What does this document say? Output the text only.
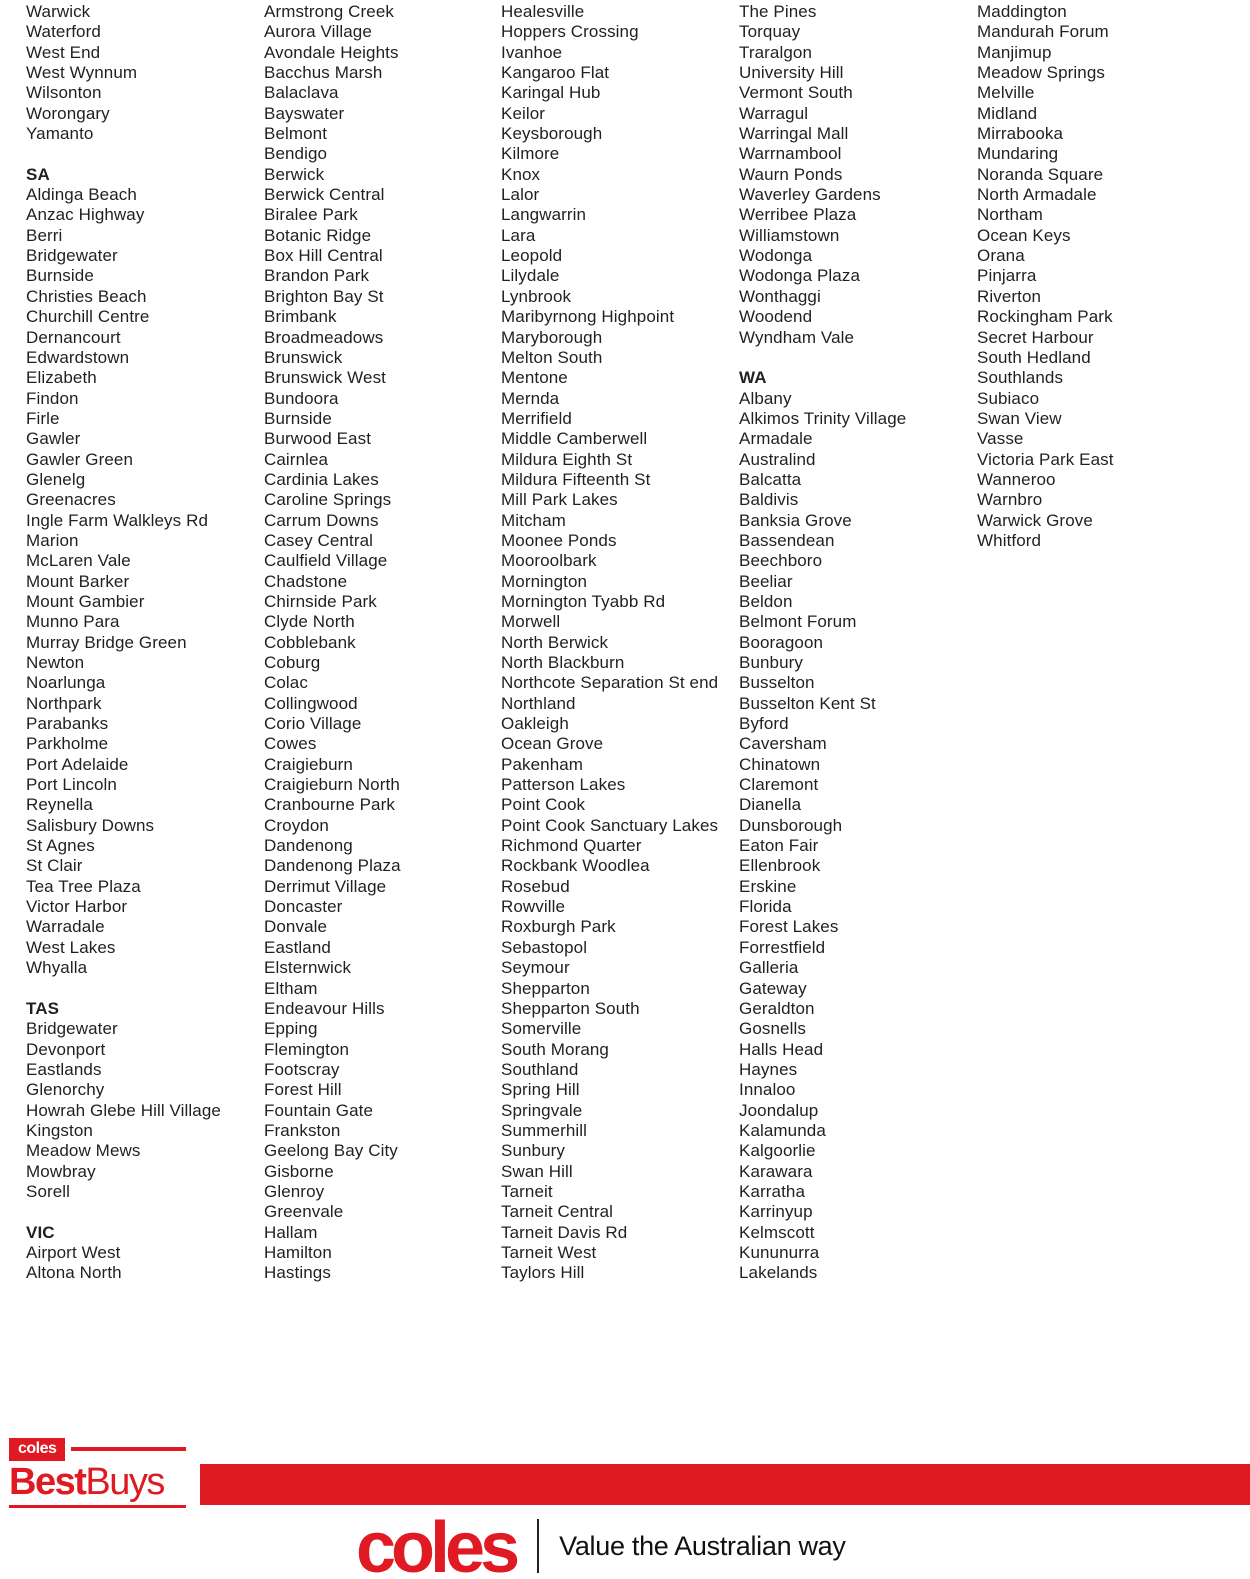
Warwick
Waterford
West End
West Wynnum
Wilsonton
Worongary
Yamanto
SA
Aldinga Beach
Anzac Highway
Berri
Bridgewater
Burnside
Christies Beach
Churchill Centre
Dernancourt
Edwardstown
Elizabeth
Findon
Firle
Gawler
Gawler Green
Glenelg
Greenacres
Ingle Farm Walkleys Rd
Marion
McLaren Vale
Mount Barker
Mount Gambier
Munno Para
Murray Bridge Green
Newton
Noarlunga
Northpark
Parabanks
Parkholme
Port Adelaide
Port Lincoln
Reynella
Salisbury Downs
St Agnes
St Clair
Tea Tree Plaza
Victor Harbor
Warradale
West Lakes
Whyalla
TAS
Bridgewater
Devonport
Eastlands
Glenorchy
Howrah Glebe Hill Village
Kingston
Meadow Mews
Mowbray
Sorell
VIC
Airport West
Altona North
Armstrong Creek
Aurora Village
Avondale Heights
Bacchus Marsh
Balaclava
Bayswater
Belmont
Bendigo
Berwick
Berwick Central
Biralee Park
Botanic Ridge
Box Hill Central
Brandon Park
Brighton Bay St
Brimbank
Broadmeadows
Brunswick
Brunswick West
Bundoora
Burnside
Burwood East
Cairnlea
Cardinia Lakes
Caroline Springs
Carrum Downs
Casey Central
Caulfield Village
Chadstone
Chirnside Park
Clyde North
Cobblebank
Coburg
Colac
Collingwood
Corio Village
Cowes
Craigieburn
Craigieburn North
Cranbourne Park
Croydon
Dandenong
Dandenong Plaza
Derrimut Village
Doncaster
Donvale
Eastland
Elsternwick
Eltham
Endeavour Hills
Epping
Flemington
Footscray
Forest Hill
Fountain Gate
Frankston
Geelong Bay City
Gisborne
Glenroy
Greenvale
Hallam
Hamilton
Hastings
Healesville
Hoppers Crossing
Ivanhoe
Kangaroo Flat
Karingal Hub
Keilor
Keysborough
Kilmore
Knox
Lalor
Langwarrin
Lara
Leopold
Lilydale
Lynbrook
Maribyrnong Highpoint
Maryborough
Melton South
Mentone
Mernda
Merrifield
Middle Camberwell
Mildura Eighth St
Mildura Fifteenth St
Mill Park Lakes
Mitcham
Moonee Ponds
Mooroolbark
Mornington
Mornington Tyabb Rd
Morwell
North Berwick
North Blackburn
Northcote Separation St end
Northland
Oakleigh
Ocean Grove
Pakenham
Patterson Lakes
Point Cook
Point Cook Sanctuary Lakes
Richmond Quarter
Rockbank Woodlea
Rosebud
Rowville
Roxburgh Park
Sebastopol
Seymour
Shepparton
Shepparton South
Somerville
South Morang
Southland
Spring Hill
Springvale
Summerhill
Sunbury
Swan Hill
Tarneit
Tarneit Central
Tarneit Davis Rd
Tarneit West
Taylors Hill
The Pines
Torquay
Traralgon
University Hill
Vermont South
Warragul
Warringal Mall
Warrnambool
Waurn Ponds
Waverley Gardens
Werribee Plaza
Williamstown
Wodonga
Wodonga Plaza
Wonthaggi
Woodend
Wyndham Vale
WA
Albany
Alkimos Trinity Village
Armadale
Australind
Balcatta
Baldivis
Banksia Grove
Bassendean
Beechboro
Beeliar
Beldon
Belmont Forum
Booragoon
Bunbury
Busselton
Busselton Kent St
Byford
Caversham
Chinatown
Claremont
Dianella
Dunsborough
Eaton Fair
Ellenbrook
Erskine
Florida
Forest Lakes
Forrestfield
Galleria
Gateway
Geraldton
Gosnells
Halls Head
Haynes
Innaloo
Joondalup
Kalamunda
Kalgoorlie
Karawara
Karratha
Karrinyup
Kelmscott
Kununurra
Lakelands
Maddington
Mandurah Forum
Manjimup
Meadow Springs
Melville
Midland
Mirrabooka
Mundaring
Noranda Square
North Armadale
Northam
Ocean Keys
Orana
Pinjarra
Riverton
Rockingham Park
Secret Harbour
South Hedland
Southlands
Subiaco
Swan View
Vasse
Victoria Park East
Wanneroo
Warnbro
Warwick Grove
Whitford
coles
BestBuys
coles Value the Australian way
